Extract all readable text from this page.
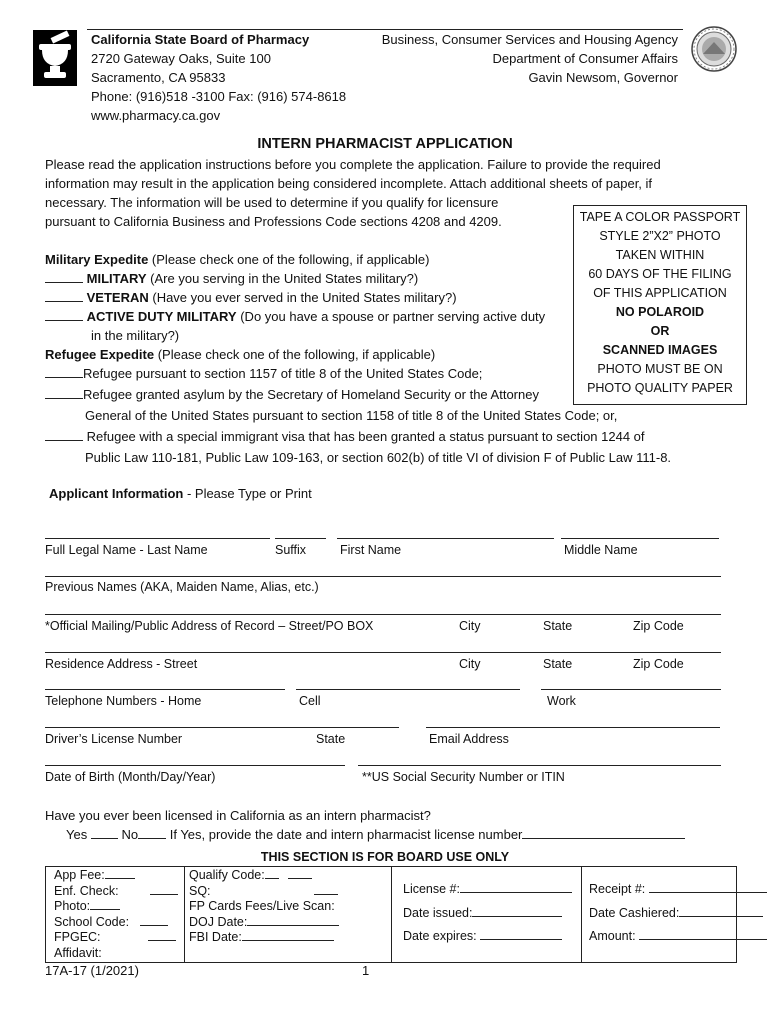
California State Board of Pharmacy
2720 Gateway Oaks, Suite 100
Sacramento, CA 95833
Phone: (916)518 -3100 Fax: (916) 574-8618
www.pharmacy.ca.gov
Business, Consumer Services and Housing Agency
Department of Consumer Affairs
Gavin Newsom, Governor
INTERN PHARMACIST APPLICATION
Please read the application instructions before you complete the application. Failure to provide the required
information may result in the application being considered incomplete. Attach additional sheets of paper, if
necessary. The information will be used to determine if you qualify for licensure
pursuant to California Business and Professions Code sections 4208 and 4209.	TAPE A COLOR PASSPORT
STYLE 2”X2” PHOTO
TAKEN WITHIN
60 DAYS OF THE FILING
OF THIS APPLICATION
NO POLAROID
OR
SCANNED IMAGES
PHOTO MUST BE ON
PHOTO QUALITY PAPER
Military Expedite (Please check one of the following, if applicable)
MILITARY (Are you serving in the United States military?)
VETERAN (Have you ever served in the United States military?)
ACTIVE DUTY MILITARY (Do you have a spouse or partner serving active duty
in the military?)
Refugee Expedite (Please check one of the following, if applicable)
Refugee pursuant to section 1157 of title 8 of the United States Code;
Refugee granted asylum by the Secretary of Homeland Security or the Attorney
General of the United States pursuant to section 1158 of title 8 of the United States Code; or,
Refugee with a special immigrant visa that has been granted a status pursuant to section 1244 of
Public Law 110-181, Public Law 109-163, or section 602(b) of title VI of division F of Public Law 111-8.
Applicant Information - Please Type or Print
Full Legal Name - Last Name	Suffix	First Name	Middle Name
Previous Names (AKA, Maiden Name, Alias, etc.)
*Official Mailing/Public Address of Record – Street/PO BOX	City	State	Zip Code
Residence Address - Street	City	State	Zip Code
Telephone Numbers - Home	Cell	Work
Driver’s License Number	State	Email Address
Date of Birth (Month/Day/Year)	**US Social Security Number or ITIN
Have you ever been licensed in California as an intern pharmacist?
Yes	No If Yes, provide the date and intern pharmacist license number
THIS SECTION IS FOR BOARD USE ONLY
App Fee:
Enf. Check:
Photo:
School Code:
FPGEC:
Affidavit:
Qualify Code:
SQ:
FP Cards Fees/Live Scan:
DOJ Date:
FBI Date:
License #:
Date issued:
Date expires:
Receipt #:
Date Cashiered:
Amount:
17A-17 (1/2021)	1
